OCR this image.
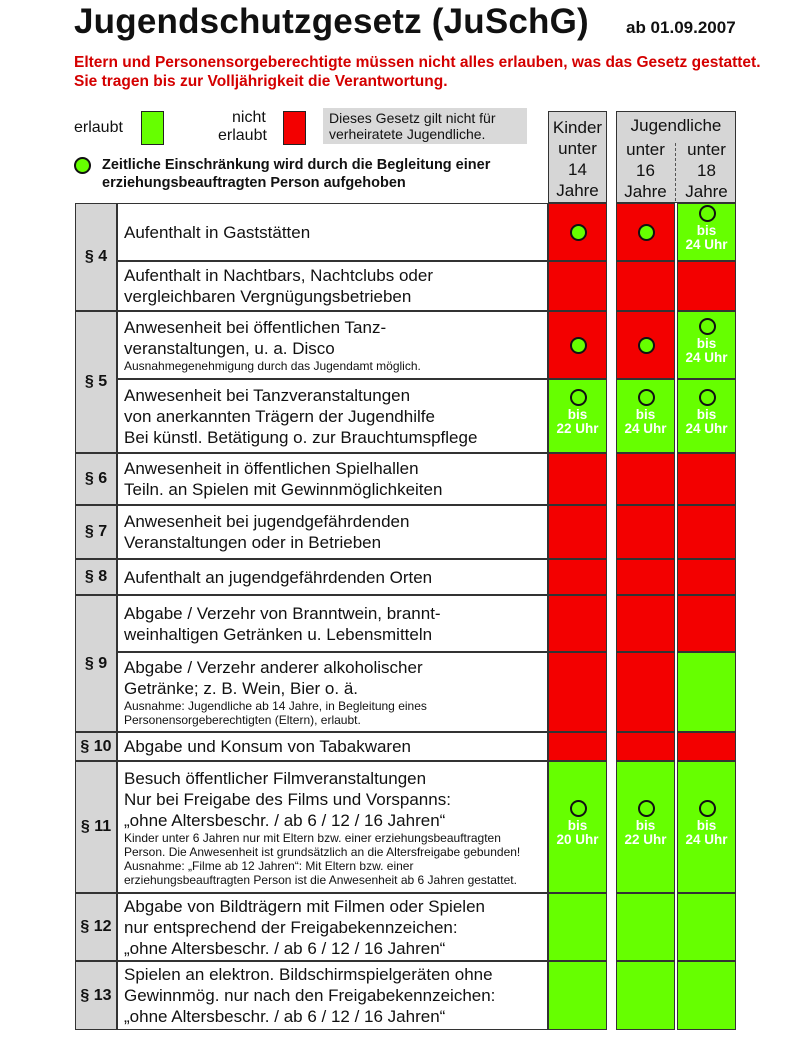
Jugendschutzgesetz (JuSchG) ab 01.09.2007
Eltern und Personensorgeberechtigte müssen nicht alles erlauben, was das Gesetz gestattet. Sie tragen bis zur Volljährigkeit die Verantwortung.
erlaubt
nicht
erlaubt
Dieses Gesetz gilt nicht für verheiratete Jugendliche.
Zeitliche Einschränkung wird durch die Begleitung einer erziehungsbeauftragten Person aufgehoben
Kinder
unter
14
Jahre
Jugendliche
unter
16
Jahre
unter
18
Jahre
§ 4
§ 5
§ 6
§ 7
§ 8
§ 9
§ 10
§ 11
§ 12
§ 13
Aufenthalt in Gaststätten	bis
24 Uhr
Aufenthalt in Nachtbars, Nachtclubs oder
vergleichbaren Vergnügungsbetrieben
Anwesenheit bei öffentlichen Tanz-
veranstaltungen, u. a. Disco
Ausnahmegenehmigung durch das Jugendamt möglich.
bis
24 Uhr
Anwesenheit bei Tanzveranstaltungen
von anerkannten Trägern der Jugendhilfe
Bei künstl. Betätigung o. zur Brauchtumspflege
bis
22 Uhr
bis
24 Uhr
bis
24 Uhr
Anwesenheit in öffentlichen Spielhallen
Teiln. an Spielen mit Gewinnmöglichkeiten
Anwesenheit bei jugendgefährdenden
Veranstaltungen oder in Betrieben
Aufenthalt an jugendgefährdenden Orten
Abgabe / Verzehr von Branntwein, brannt-
weinhaltigen Getränken u. Lebensmitteln
Abgabe / Verzehr anderer alkoholischer
Getränke; z. B. Wein, Bier o. ä.
Ausnahme: Jugendliche ab 14 Jahre, in Begleitung eines Personensorgeberechtigten (Eltern), erlaubt.
Abgabe und Konsum von Tabakwaren
Besuch öffentlicher Filmveranstaltungen
Nur bei Freigabe des Films und Vorspanns:
„ohne Altersbeschr. / ab 6 / 12 / 16 Jahren“
Kinder unter 6 Jahren nur mit Eltern bzw. einer erziehungsbeauftragten Person. Die Anwesenheit ist grundsätzlich an die Altersfreigabe gebunden! Ausnahme: „Filme ab 12 Jahren“: Mit Eltern bzw. einer erziehungsbeauftragten Person ist die Anwesenheit ab 6 Jahren gestattet.
bis
20 Uhr
bis
22 Uhr
bis
24 Uhr
Abgabe von Bildträgern mit Filmen oder Spielen
nur entsprechend der Freigabekennzeichen:
„ohne Altersbeschr. / ab 6 / 12 / 16 Jahren“
Spielen an elektron. Bildschirmspielgeräten ohne
Gewinnmög. nur nach den Freigabekennzeichen:
„ohne Altersbeschr. / ab 6 / 12 / 16 Jahren“
